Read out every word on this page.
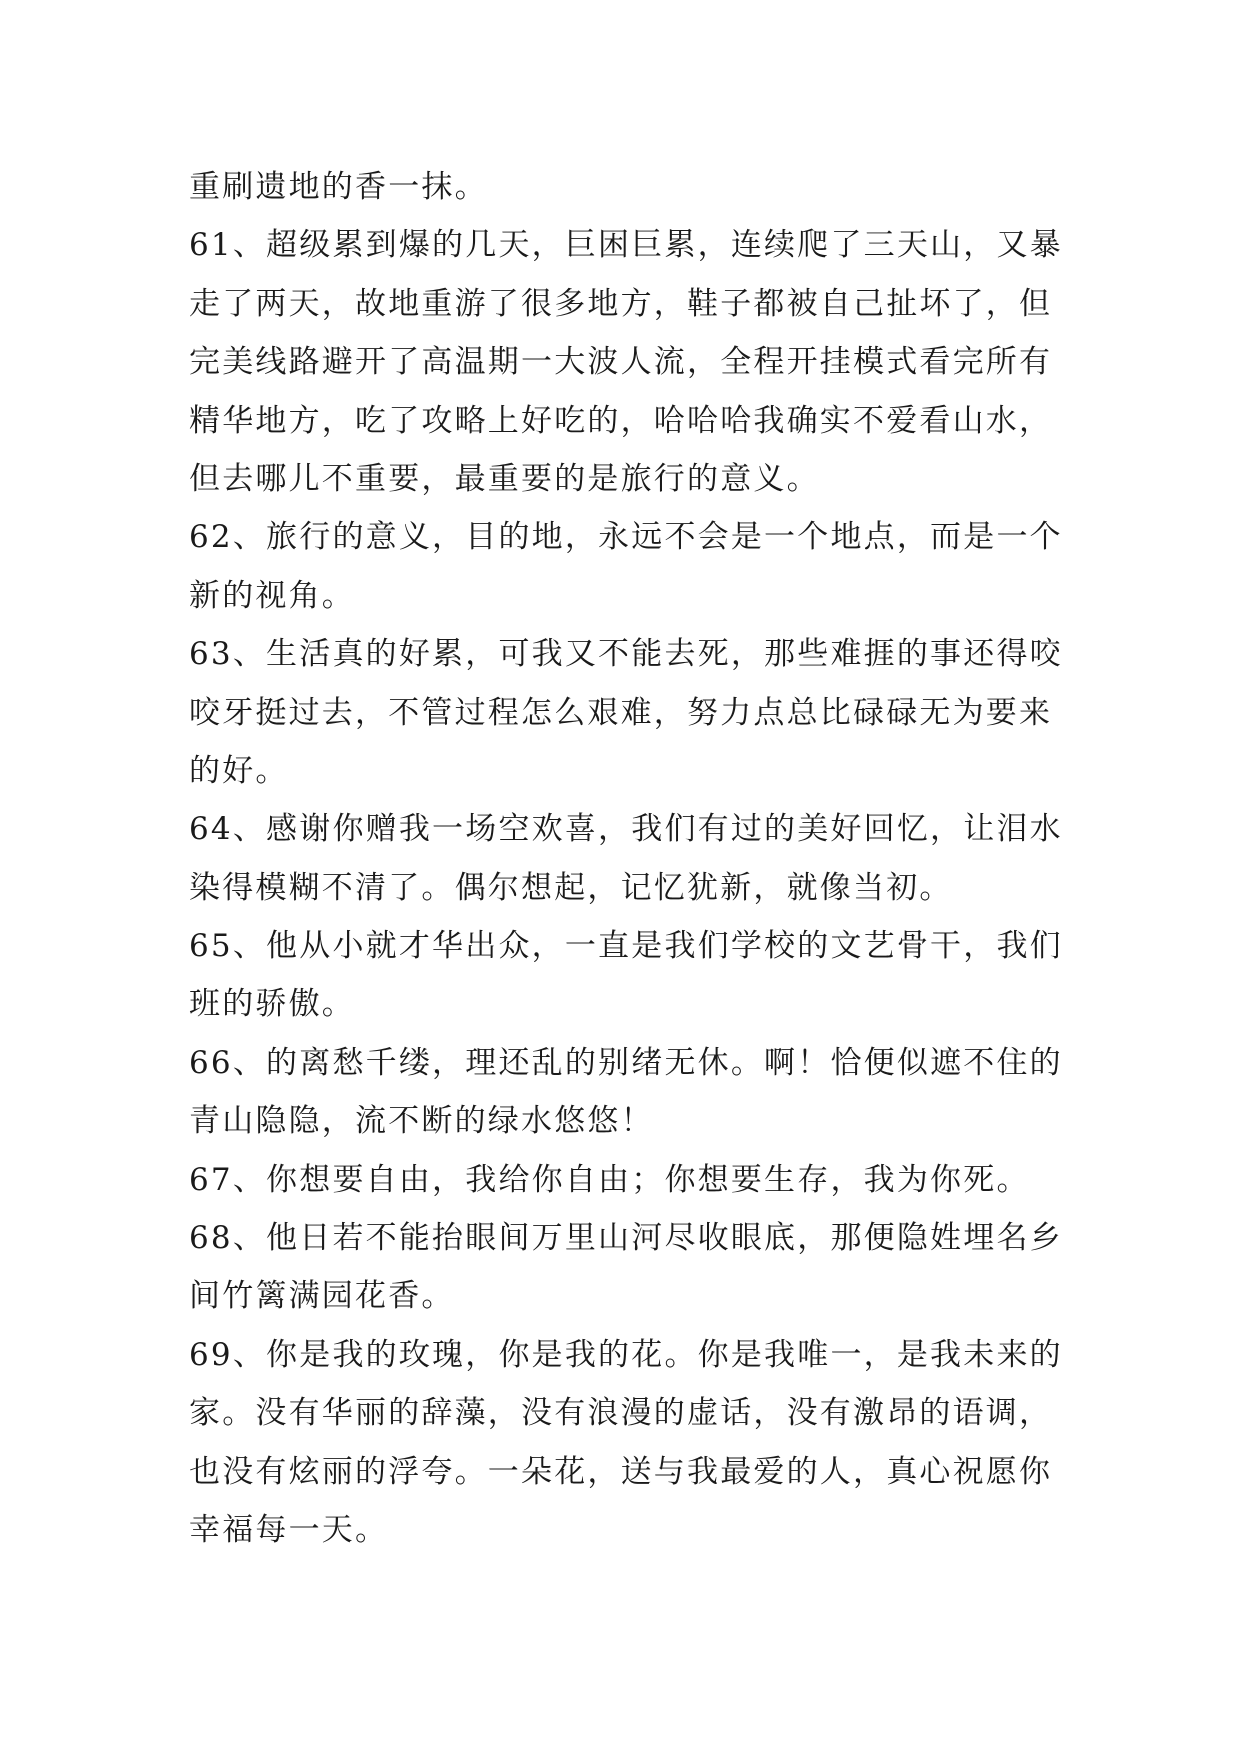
重刷遗地的香一抹。
61、超级累到爆的几天，巨困巨累，连续爬了三天山，又暴
走了两天，故地重游了很多地方，鞋子都被自己扯坏了，但
完美线路避开了高温期一大波人流，全程开挂模式看完所有
精华地方，吃了攻略上好吃的，哈哈哈我确实不爱看山水，
但去哪儿不重要，最重要的是旅行的意义。
62、旅行的意义，目的地，永远不会是一个地点，而是一个
新的视角。
63、生活真的好累，可我又不能去死，那些难捱的事还得咬
咬牙挺过去，不管过程怎么艰难，努力点总比碌碌无为要来
的好。
64、感谢你赠我一场空欢喜，我们有过的美好回忆，让泪水
染得模糊不清了。偶尔想起，记忆犹新，就像当初。
65、他从小就才华出众，一直是我们学校的文艺骨干，我们
班的骄傲。
66、的离愁千缕，理还乱的别绪无休。啊！恰便似遮不住的
青山隐隐，流不断的绿水悠悠！
67、你想要自由，我给你自由；你想要生存，我为你死。
68、他日若不能抬眼间万里山河尽收眼底，那便隐姓埋名乡
间竹篱满园花香。
69、你是我的玫瑰，你是我的花。你是我唯一，是我未来的
家。没有华丽的辞藻，没有浪漫的虚话，没有激昂的语调，
也没有炫丽的浮夸。一朵花，送与我最爱的人，真心祝愿你
幸福每一天。
